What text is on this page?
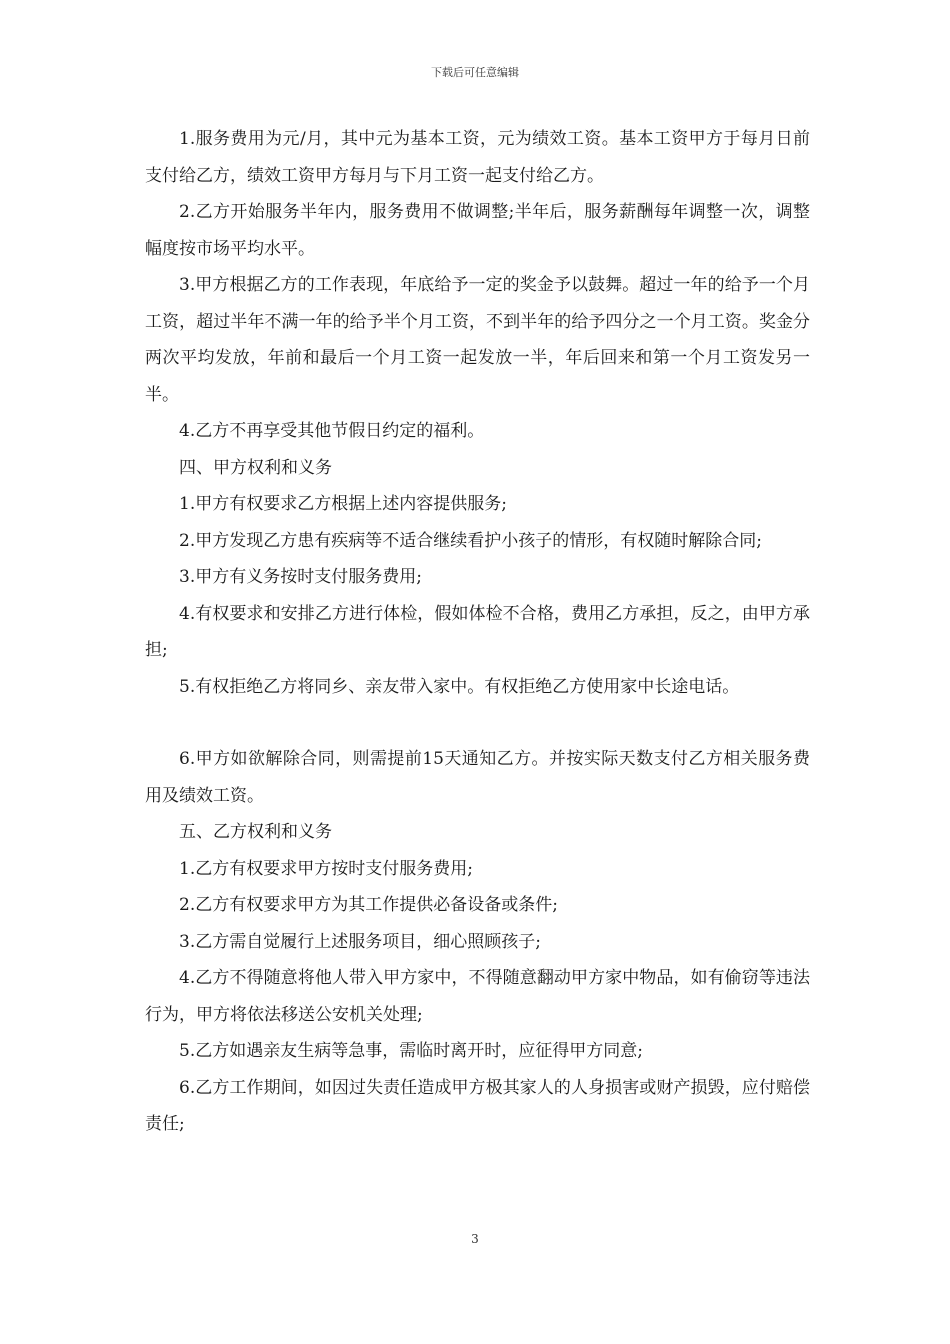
下载后可任意编辑

1.服务费用为元/月，其中元为基本工资，元为绩效工资。基本工资甲方于每月日前支付给乙方，绩效工资甲方每月与下月工资一起支付给乙方。

2.乙方开始服务半年内，服务费用不做调整;半年后，服务薪酬每年调整一次，调整幅度按市场平均水平。

3.甲方根据乙方的工作表现，年底给予一定的奖金予以鼓舞。超过一年的给予一个月工资，超过半年不满一年的给予半个月工资，不到半年的给予四分之一个月工资。奖金分两次平均发放，年前和最后一个月工资一起发放一半，年后回来和第一个月工资发另一半。

4.乙方不再享受其他节假日约定的福利。

四、甲方权利和义务

1.甲方有权要求乙方根据上述内容提供服务;

2.甲方发现乙方患有疾病等不适合继续看护小孩子的情形，有权随时解除合同;

3.甲方有义务按时支付服务费用;

4.有权要求和安排乙方进行体检，假如体检不合格，费用乙方承担，反之，由甲方承担;

5.有权拒绝乙方将同乡、亲友带入家中。有权拒绝乙方使用家中长途电话。

6.甲方如欲解除合同，则需提前15天通知乙方。并按实际天数支付乙方相关服务费用及绩效工资。

五、乙方权利和义务

1.乙方有权要求甲方按时支付服务费用;

2.乙方有权要求甲方为其工作提供必备设备或条件;

3.乙方需自觉履行上述服务项目，细心照顾孩子;

4.乙方不得随意将他人带入甲方家中，不得随意翻动甲方家中物品，如有偷窃等违法行为，甲方将依法移送公安机关处理;

5.乙方如遇亲友生病等急事，需临时离开时，应征得甲方同意;

6.乙方工作期间，如因过失责任造成甲方极其家人的人身损害或财产损毁，应付赔偿责任;

3
